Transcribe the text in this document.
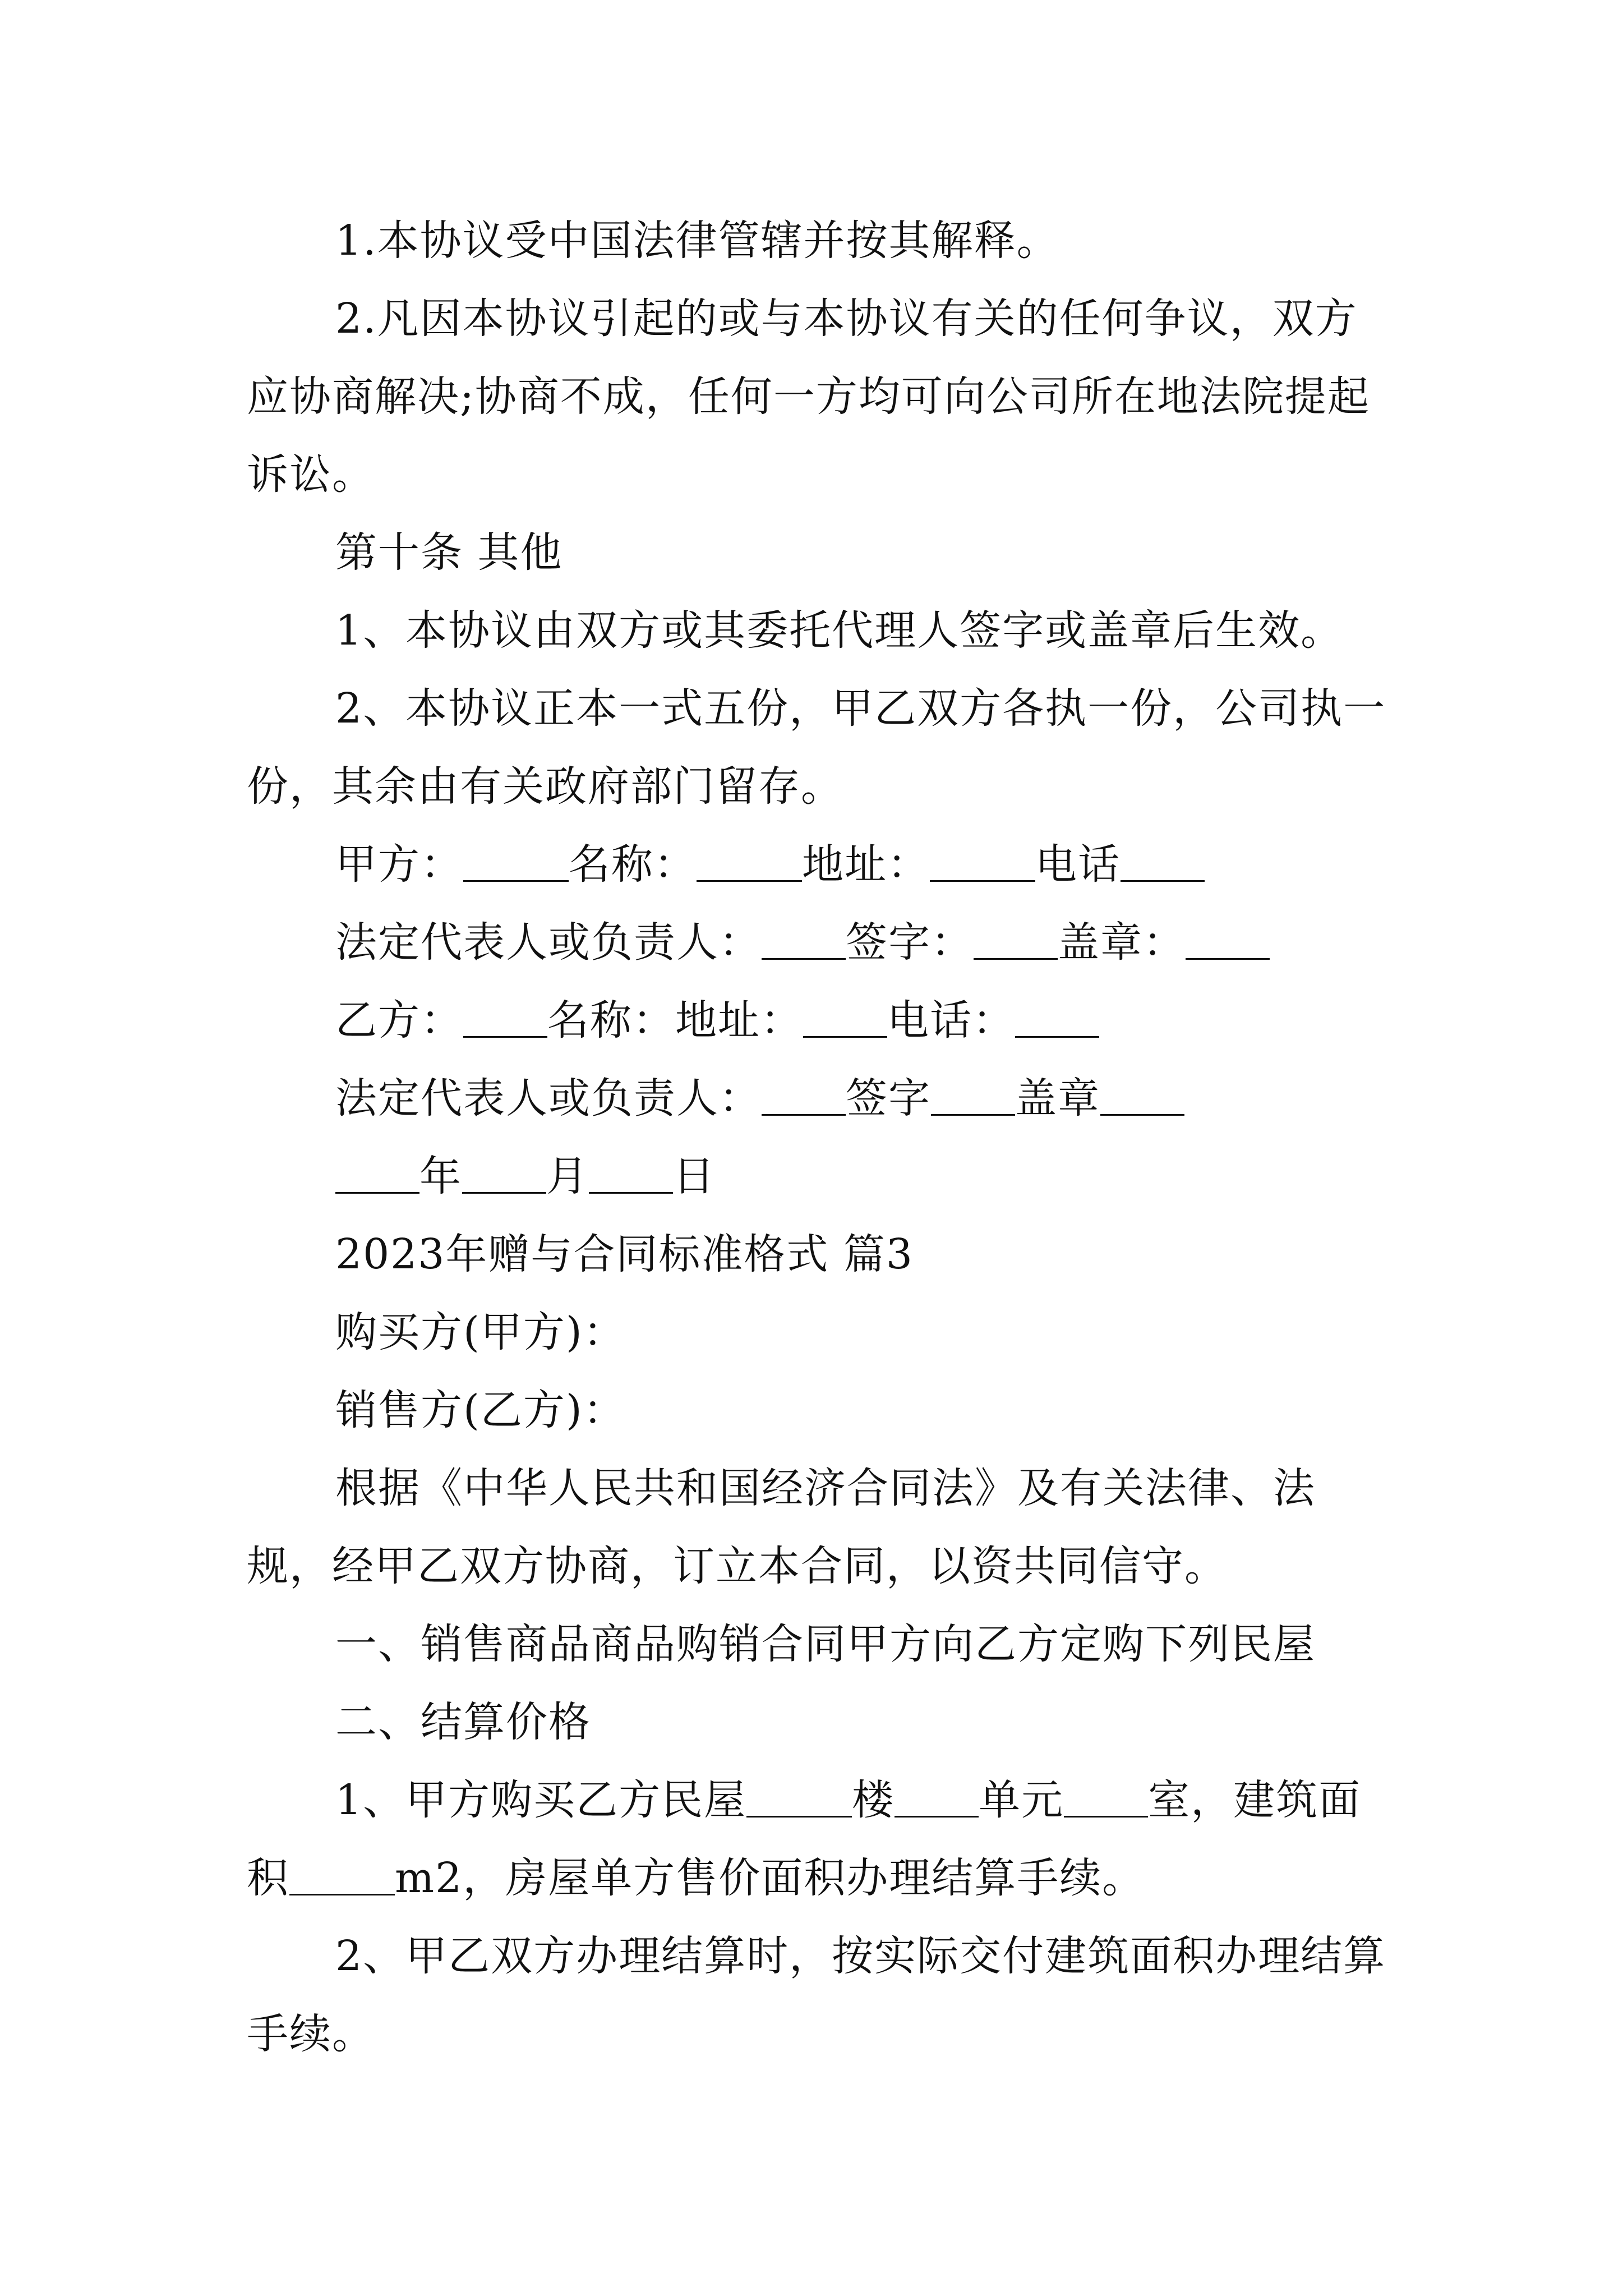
1.本协议受中国法律管辖并按其解释。

2.凡因本协议引起的或与本协议有关的任何争议，双方应协商解决;协商不成，任何一方均可向公司所在地法院提起诉讼。

第十条 其他

1、本协议由双方或其委托代理人签字或盖章后生效。

2、本协议正本一式五份，甲乙双方各执一份，公司执一份，其余由有关政府部门留存。

甲方：	名称：	地址：	电话

法定代表人或负责人： 签字： 盖章：

乙方： 名称：地址： 电话：

法定代表人或负责人： 签字 盖章

年 月 日

2023年赠与合同标准格式 篇3

购买方(甲方)：

销售方(乙方)：

根据《中华人民共和国经济合同法》及有关法律、法规，经甲乙双方协商，订立本合同，以资共同信守。

一、销售商品商品购销合同甲方向乙方定购下列民屋

二、结算价格

1、甲方购买乙方民屋	楼 单元 室，建筑面

积	m2，房屋单方售价面积办理结算手续。

2、甲乙双方办理结算时，按实际交付建筑面积办理结算手续。
